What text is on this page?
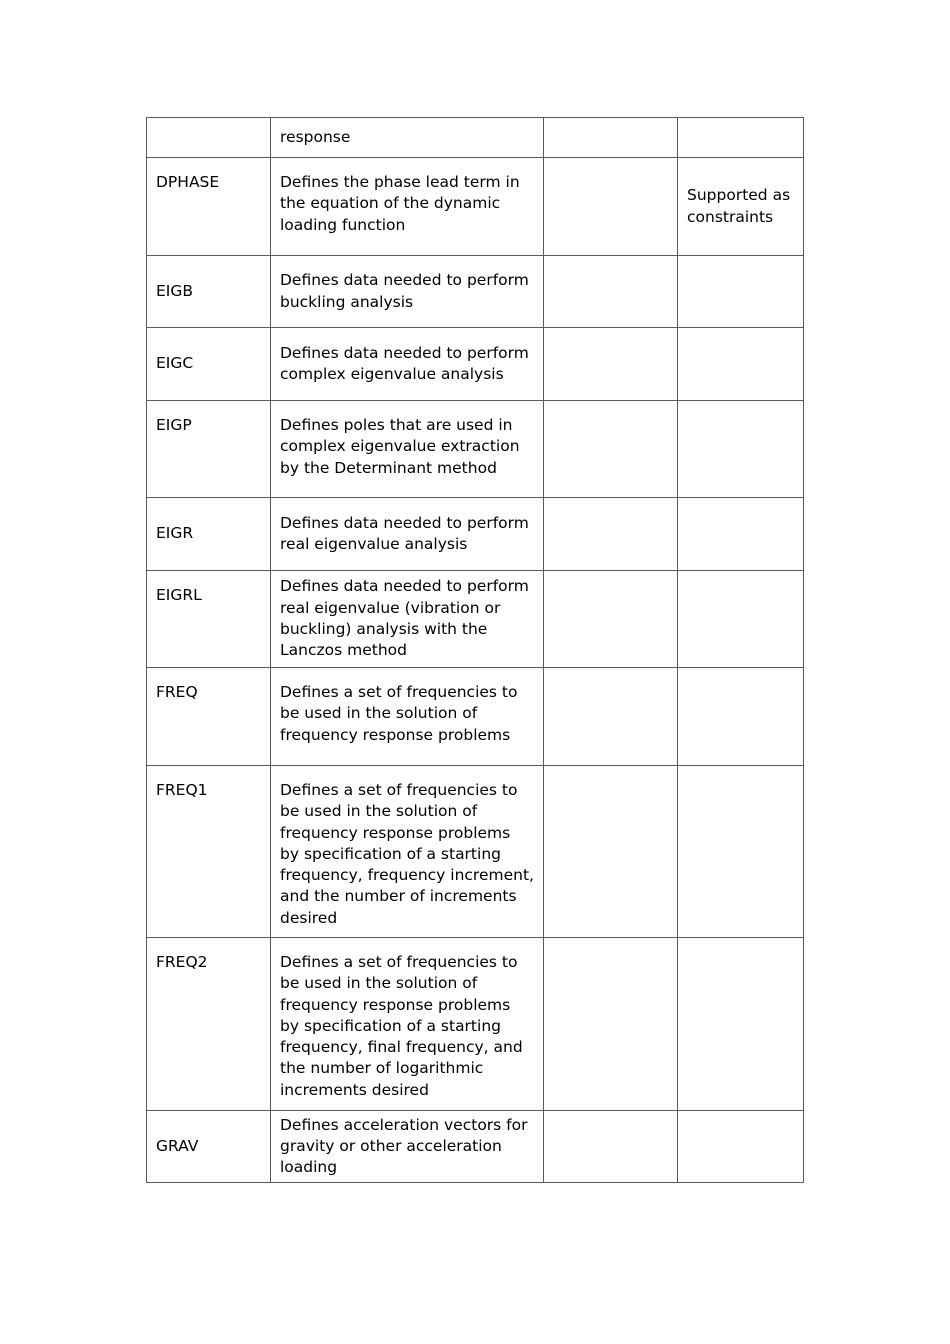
	response		
DPHASE	Defines the phase lead term in the equation of the dynamic loading function		Supported as constraints
EIGB	Defines data needed to perform buckling analysis		
EIGC	Defines data needed to perform complex eigenvalue analysis		
EIGP	Defines poles that are used in complex eigenvalue extraction by the Determinant method		
EIGR	Defines data needed to perform real eigenvalue analysis		
EIGRL	Defines data needed to perform real eigenvalue (vibration or buckling) analysis with the Lanczos method		
FREQ	Defines a set of frequencies to be used in the solution of frequency response problems		
FREQ1	Defines a set of frequencies to be used in the solution of frequency response problems by specification of a starting frequency, frequency increment, and the number of increments desired		
FREQ2	Defines a set of frequencies to be used in the solution of frequency response problems by specification of a starting frequency, final frequency, and the number of logarithmic increments desired		
GRAV	Defines acceleration vectors for gravity or other acceleration loading		
